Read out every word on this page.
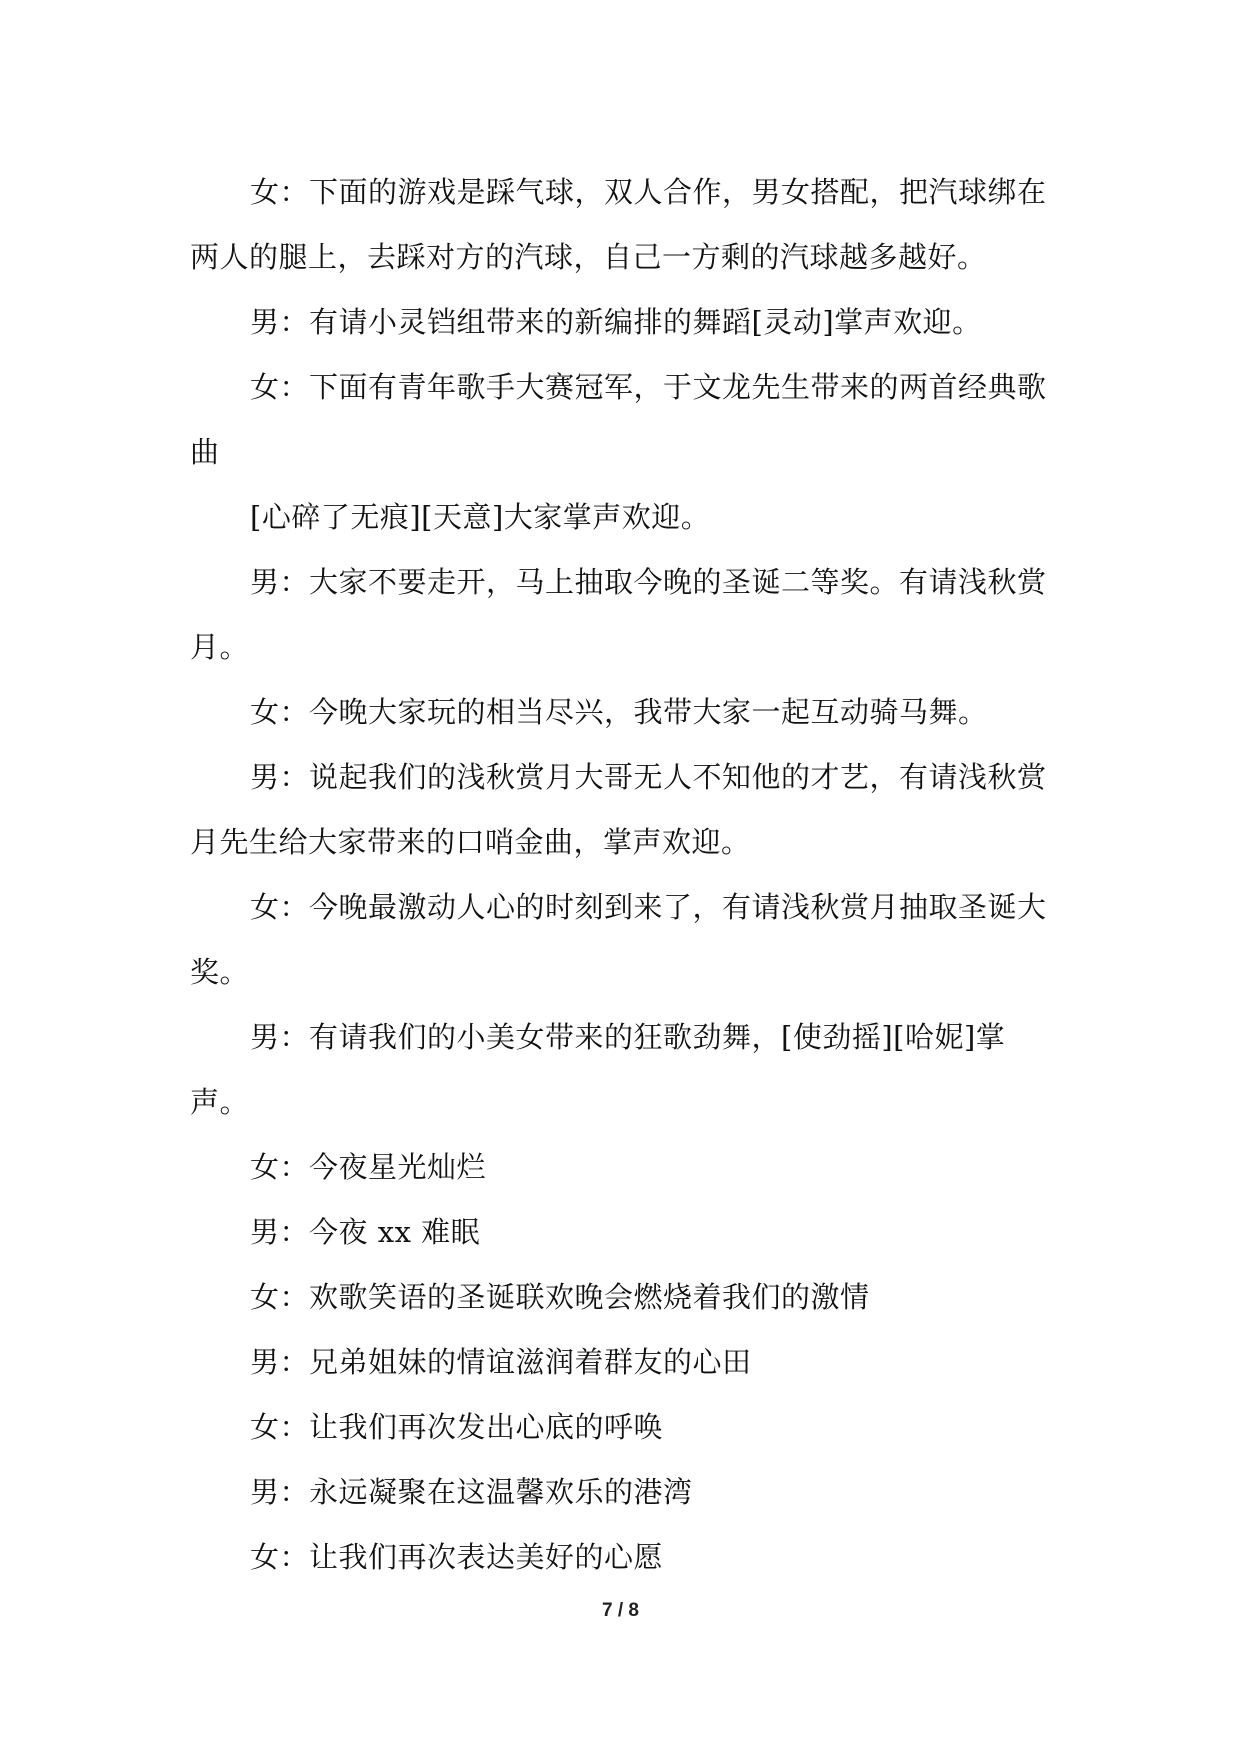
女：下面的游戏是踩气球，双人合作，男女搭配，把汽球绑在两人的腿上，去踩对方的汽球，自己一方剩的汽球越多越好。

男：有请小灵铛组带来的新编排的舞蹈[灵动]掌声欢迎。

女：下面有青年歌手大赛冠军，于文龙先生带来的两首经典歌曲

[心碎了无痕][天意]大家掌声欢迎。

男：大家不要走开，马上抽取今晚的圣诞二等奖。有请浅秋赏月。

女：今晚大家玩的相当尽兴，我带大家一起互动骑马舞。

男：说起我们的浅秋赏月大哥无人不知他的才艺，有请浅秋赏月先生给大家带来的口哨金曲，掌声欢迎。

女：今晚最激动人心的时刻到来了，有请浅秋赏月抽取圣诞大奖。

男：有请我们的小美女带来的狂歌劲舞，[使劲摇][哈妮]掌声。

女：今夜星光灿烂

男：今夜 xx 难眠

女：欢歌笑语的圣诞联欢晚会燃烧着我们的激情

男：兄弟姐妹的情谊滋润着群友的心田

女：让我们再次发出心底的呼唤

男：永远凝聚在这温馨欢乐的港湾

女：让我们再次表达美好的心愿

7 / 8
